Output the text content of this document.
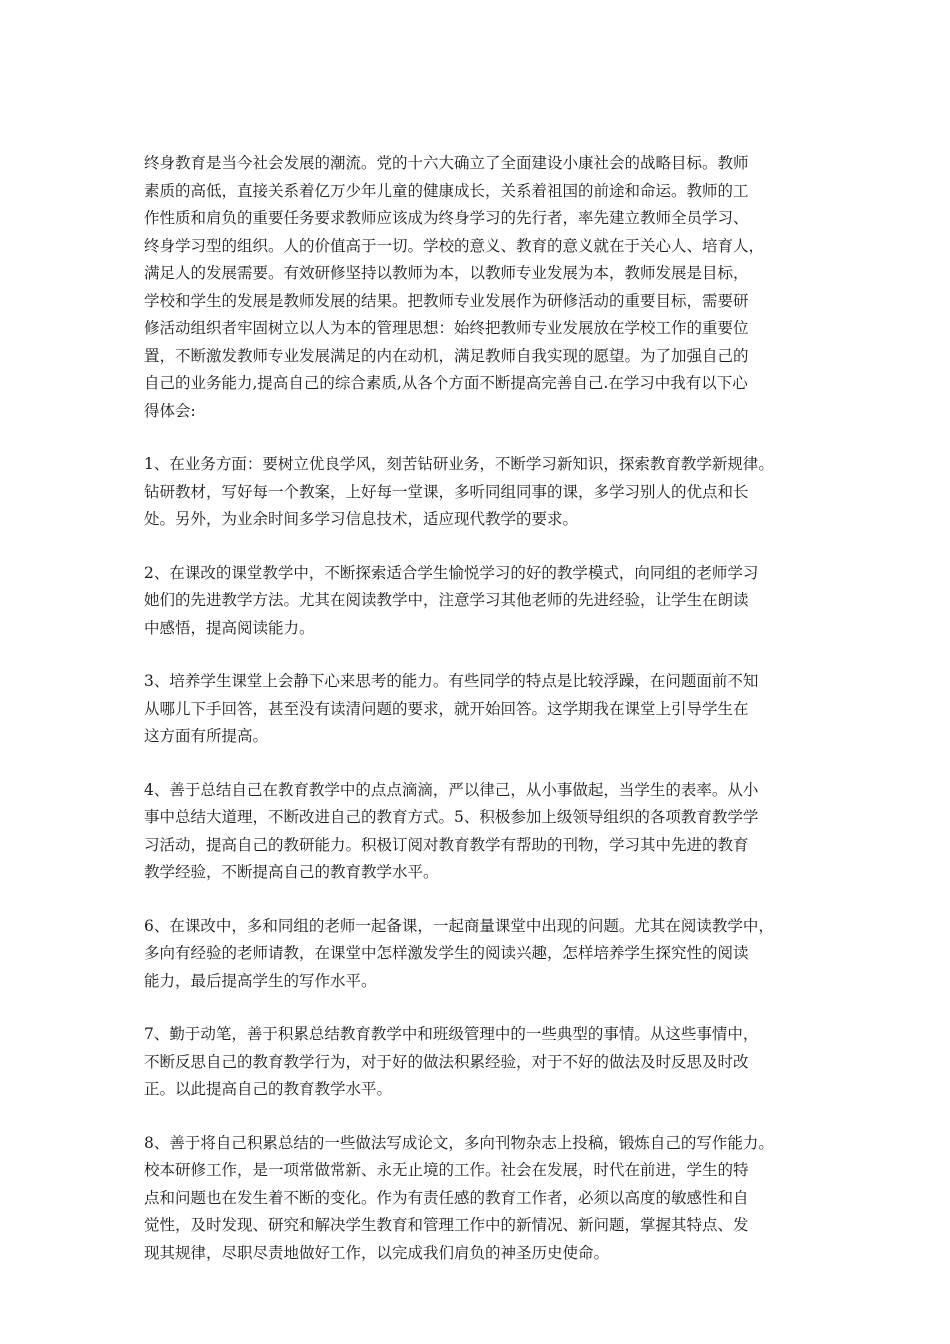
终身教育是当今社会发展的潮流。党的十六大确立了全面建设小康社会的战略目标。教师
素质的高低，直接关系着亿万少年儿童的健康成长，关系着祖国的前途和命运。教师的工
作性质和肩负的重要任务要求教师应该成为终身学习的先行者，率先建立教师全员学习、
终身学习型的组织。人的价值高于一切。学校的意义、教育的意义就在于关心人、培育人，
满足人的发展需要。有效研修坚持以教师为本，以教师专业发展为本，教师发展是目标，
学校和学生的发展是教师发展的结果。把教师专业发展作为研修活动的重要目标，需要研
修活动组织者牢固树立以人为本的管理思想：始终把教师专业发展放在学校工作的重要位
置，不断激发教师专业发展满足的内在动机，满足教师自我实现的愿望。为了加强自己的
自己的业务能力,提高自己的综合素质,从各个方面不断提高完善自己.在学习中我有以下心
得体会:
1、在业务方面：要树立优良学风，刻苦钻研业务，不断学习新知识，探索教育教学新规律。
钻研教材，写好每一个教案，上好每一堂课，多听同组同事的课，多学习别人的优点和长
处。另外，为业余时间多学习信息技术，适应现代教学的要求。
2、在课改的课堂教学中，不断探索适合学生愉悦学习的好的教学模式，向同组的老师学习
她们的先进教学方法。尤其在阅读教学中，注意学习其他老师的先进经验，让学生在朗读
中感悟，提高阅读能力。
3、培养学生课堂上会静下心来思考的能力。有些同学的特点是比较浮躁，在问题面前不知
从哪儿下手回答，甚至没有读清问题的要求，就开始回答。这学期我在课堂上引导学生在
这方面有所提高。
4、善于总结自己在教育教学中的点点滴滴，严以律己，从小事做起，当学生的表率。从小
事中总结大道理，不断改进自己的教育方式。5、积极参加上级领导组织的各项教育教学学
习活动，提高自己的教研能力。积极订阅对教育教学有帮助的刊物，学习其中先进的教育
教学经验，不断提高自己的教育教学水平。
6、在课改中，多和同组的老师一起备课，一起商量课堂中出现的问题。尤其在阅读教学中，
多向有经验的老师请教，在课堂中怎样激发学生的阅读兴趣，怎样培养学生探究性的阅读
能力，最后提高学生的写作水平。
7、勤于动笔，善于积累总结教育教学中和班级管理中的一些典型的事情。从这些事情中，
不断反思自己的教育教学行为，对于好的做法积累经验，对于不好的做法及时反思及时改
正。以此提高自己的教育教学水平。
8、善于将自己积累总结的一些做法写成论文，多向刊物杂志上投稿，锻炼自己的写作能力。
校本研修工作，是一项常做常新、永无止境的工作。社会在发展，时代在前进，学生的特
点和问题也在发生着不断的变化。作为有责任感的教育工作者，必须以高度的敏感性和自
觉性，及时发现、研究和解决学生教育和管理工作中的新情况、新问题，掌握其特点、发
现其规律，尽职尽责地做好工作，以完成我们肩负的神圣历史使命。
